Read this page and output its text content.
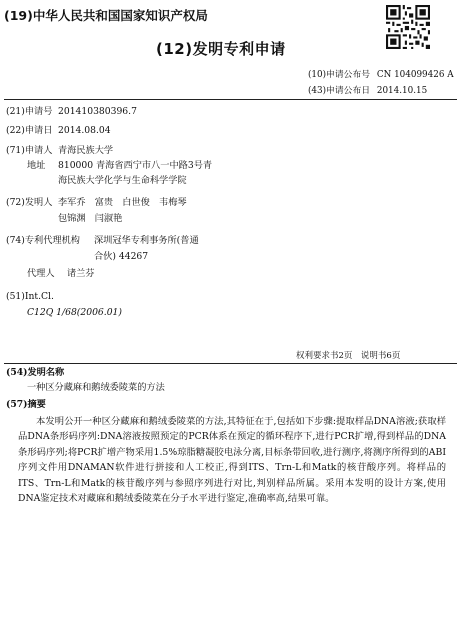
(19)中华人民共和国国家知识产权局
(12)发明专利申请
(10)申请公布号 CN 104099426 A
(43)申请公布日 2014.10.15
(21)申请号 201410380396.7
(22)申请日 2014.08.04
(71)申请人 青海民族大学
地址 810000 青海省西宁市八一中路3号青
海民族大学化学与生命科学学院
(72)发明人 李军乔　富贵　白世俊　韦梅琴
包锦渊　闫淑艳
(74)专利代理机构 深圳冠华专利事务所(普通
合伙) 44267
代理人 诸兰芬
(51)Int.Cl.
C12Q 1/68(2006.01)
权利要求书2页　说明书6页
(54)发明名称
一种区分藏麻和鹅绒委陵菜的方法
(57)摘要
本发明公开一种区分藏麻和鹅绒委陵菜的方法,其特征在于,包括如下步骤:提取样品DNA溶液;获取样品DNA条形码序列:DNA溶液按照预定的PCR体系在预定的循环程序下,进行PCR扩增,得到样品的DNA条形码序列;将PCR扩增产物采用1.5%琼脂糖凝胶电泳分离,目标条带回收,进行测序,将测序所得到的ABI序列文件用DNAMAN软件进行拼接和人工校正,得到ITS、Trn-L和Matk的核苷酸序列。将样品的ITS、Trn-L和Matk的核苷酸序列与参照序列进行对比,判别样品所属。采用本发明的设计方案,使用DNA鉴定技术对藏麻和鹅绒委陵菜在分子水平进行鉴定,准确率高,结果可靠。
